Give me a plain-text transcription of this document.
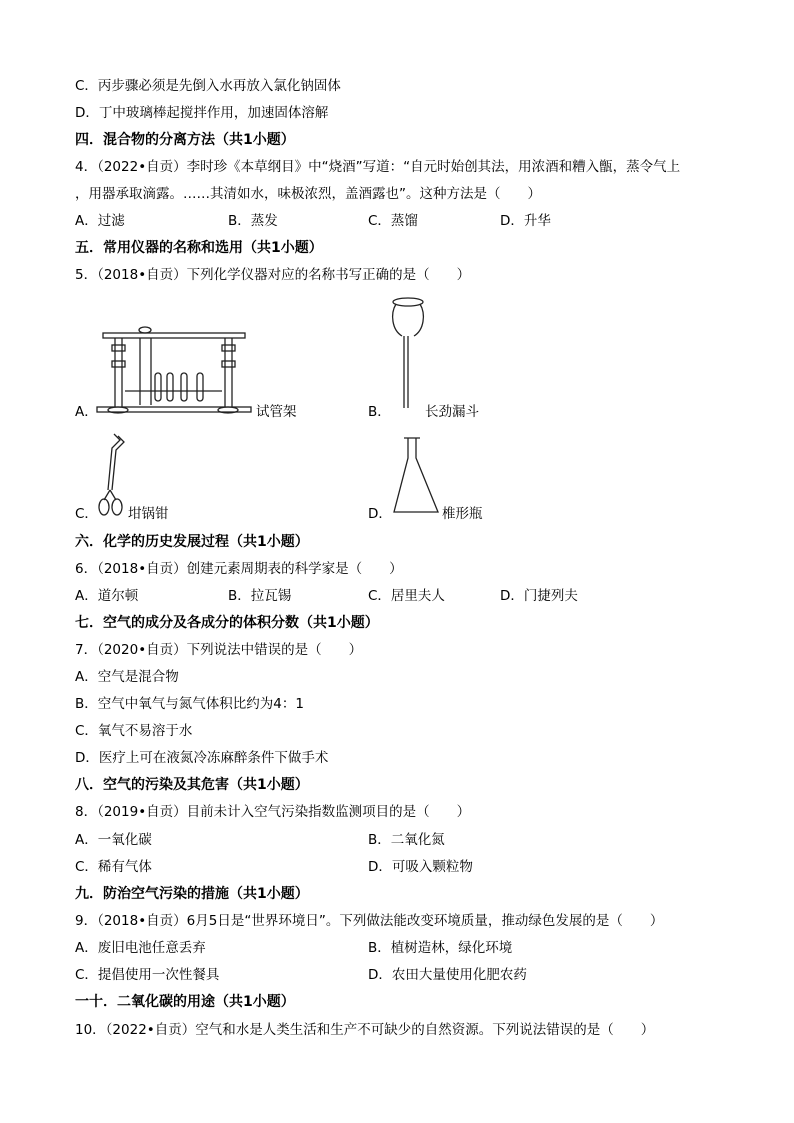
C．丙步骤必须是先倒入水再放入氯化钠固体
D．丁中玻璃棒起搅拌作用，加速固体溶解
四．混合物的分离方法（共1小题）
4．（2022•自贡）李时珍《本草纲目》中“烧酒”写道：“自元时始创其法，用浓酒和糟入甑，蒸令气上
，用器承取滴露。……其清如水，味极浓烈，盖酒露也”。这种方法是（　　）
A．过滤	B．蒸发	C．蒸馏	D．升华
五．常用仪器的名称和选用（共1小题）
5．（2018•自贡）下列化学仪器对应的名称书写正确的是（　　）
A．	试管架	B．	长劲漏斗
C． 坩锅钳	D．	椎形瓶
六．化学的历史发展过程（共1小题）
6．（2018•自贡）创建元素周期表的科学家是（　　）
A．道尔顿	B．拉瓦锡	C．居里夫人	D．门捷列夫
七．空气的成分及各成分的体积分数（共1小题）
7．（2020•自贡）下列说法中错误的是（　　）
A．空气是混合物
B．空气中氧气与氮气体积比约为4：1
C．氧气不易溶于水
D．医疗上可在液氮冷冻麻醉条件下做手术
八．空气的污染及其危害（共1小题）
8．（2019•自贡）目前未计入空气污染指数监测项目的是（　　）
A．一氧化碳	B．二氧化氮
C．稀有气体	D．可吸入颗粒物
九．防治空气污染的措施（共1小题）
9．（2018•自贡）6月5日是“世界环境日”。下列做法能改变环境质量，推动绿色发展的是（　　）
A．废旧电池任意丢弃	B．植树造林，绿化环境
C．提倡使用一次性餐具	D．农田大量使用化肥农药
一十．二氧化碳的用途（共1小题）
10．（2022•自贡）空气和水是人类生活和生产不可缺少的自然资源。下列说法错误的是（　　）
